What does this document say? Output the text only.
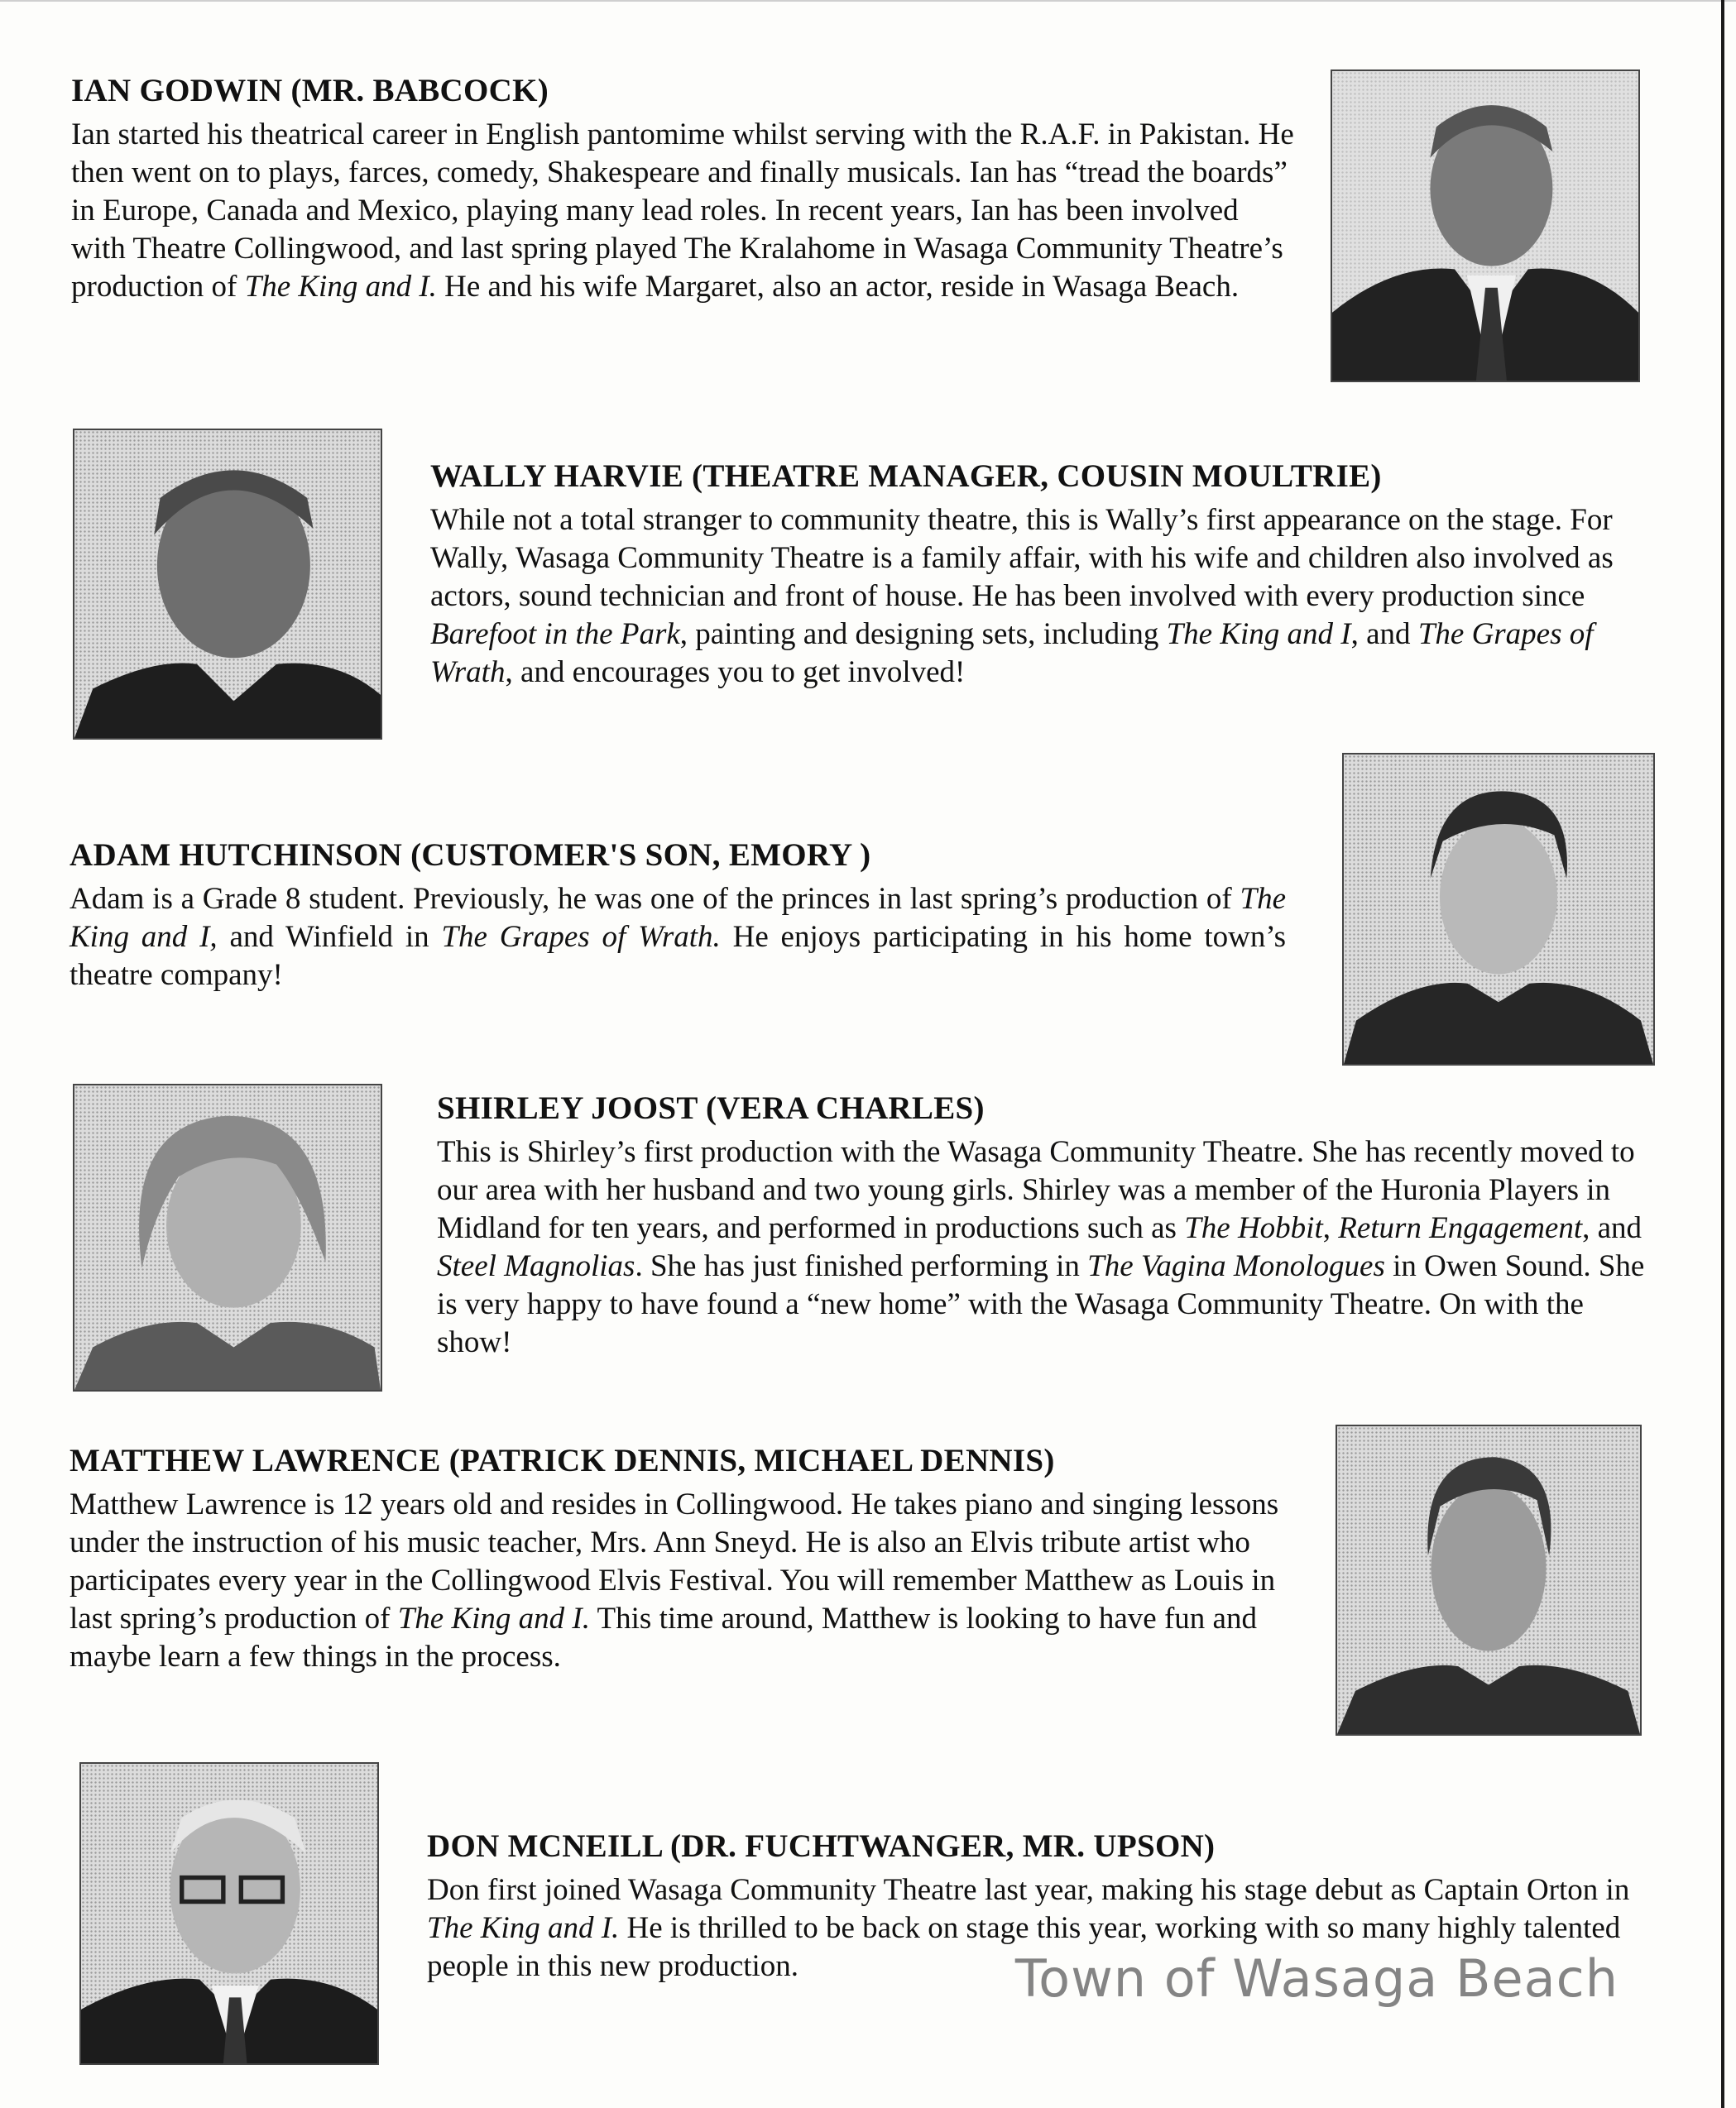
IAN GODWIN (MR. BABCOCK)

Ian started his theatrical career in English pantomime whilst serving with the R.A.F. in Pakistan. He then went on to plays, farces, comedy, Shakespeare and finally musicals. Ian has “tread the boards” in Europe, Canada and Mexico, playing many lead roles. In recent years, Ian has been involved with Theatre Collingwood, and last spring played The Kralahome in Wasaga Community Theatre’s production of The King and I. He and his wife Margaret, also an actor, reside in Wasaga Beach.

WALLY HARVIE (THEATRE MANAGER, COUSIN MOULTRIE)

While not a total stranger to community theatre, this is Wally’s first appearance on the stage. For Wally, Wasaga Community Theatre is a family affair, with his wife and children also involved as actors, sound technician and front of house. He has been involved with every production since Barefoot in the Park, painting and designing sets, including The King and I, and The Grapes of Wrath, and encourages you to get involved!

ADAM HUTCHINSON (CUSTOMER'S SON, EMORY )

Adam is a Grade 8 student. Previously, he was one of the princes in last spring’s production of The King and I, and Winfield in The Grapes of Wrath. He enjoys participating in his home town’s theatre company!

SHIRLEY JOOST (VERA CHARLES)

This is Shirley’s first production with the Wasaga Community Theatre. She has recently moved to our area with her husband and two young girls. Shirley was a member of the Huronia Players in Midland for ten years, and performed in productions such as The Hobbit, Return Engagement, and Steel Magnolias. She has just finished performing in The Vagina Monologues in Owen Sound. She is very happy to have found a “new home” with the Wasaga Community Theatre. On with the show!

MATTHEW LAWRENCE (PATRICK DENNIS, MICHAEL DENNIS)

Matthew Lawrence is 12 years old and resides in Collingwood. He takes piano and singing lessons under the instruction of his music teacher, Mrs. Ann Sneyd. He is also an Elvis tribute artist who participates every year in the Collingwood Elvis Festival. You will remember Matthew as Louis in last spring’s production of The King and I. This time around, Matthew is looking to have fun and maybe learn a few things in the process.

DON MCNEILL (DR. FUCHTWANGER, MR. UPSON)

Don first joined Wasaga Community Theatre last year, making his stage debut as Captain Orton in The King and I. He is thrilled to be back on stage this year, working with so many highly talented people in this new production.	Town of Wasaga Beach
